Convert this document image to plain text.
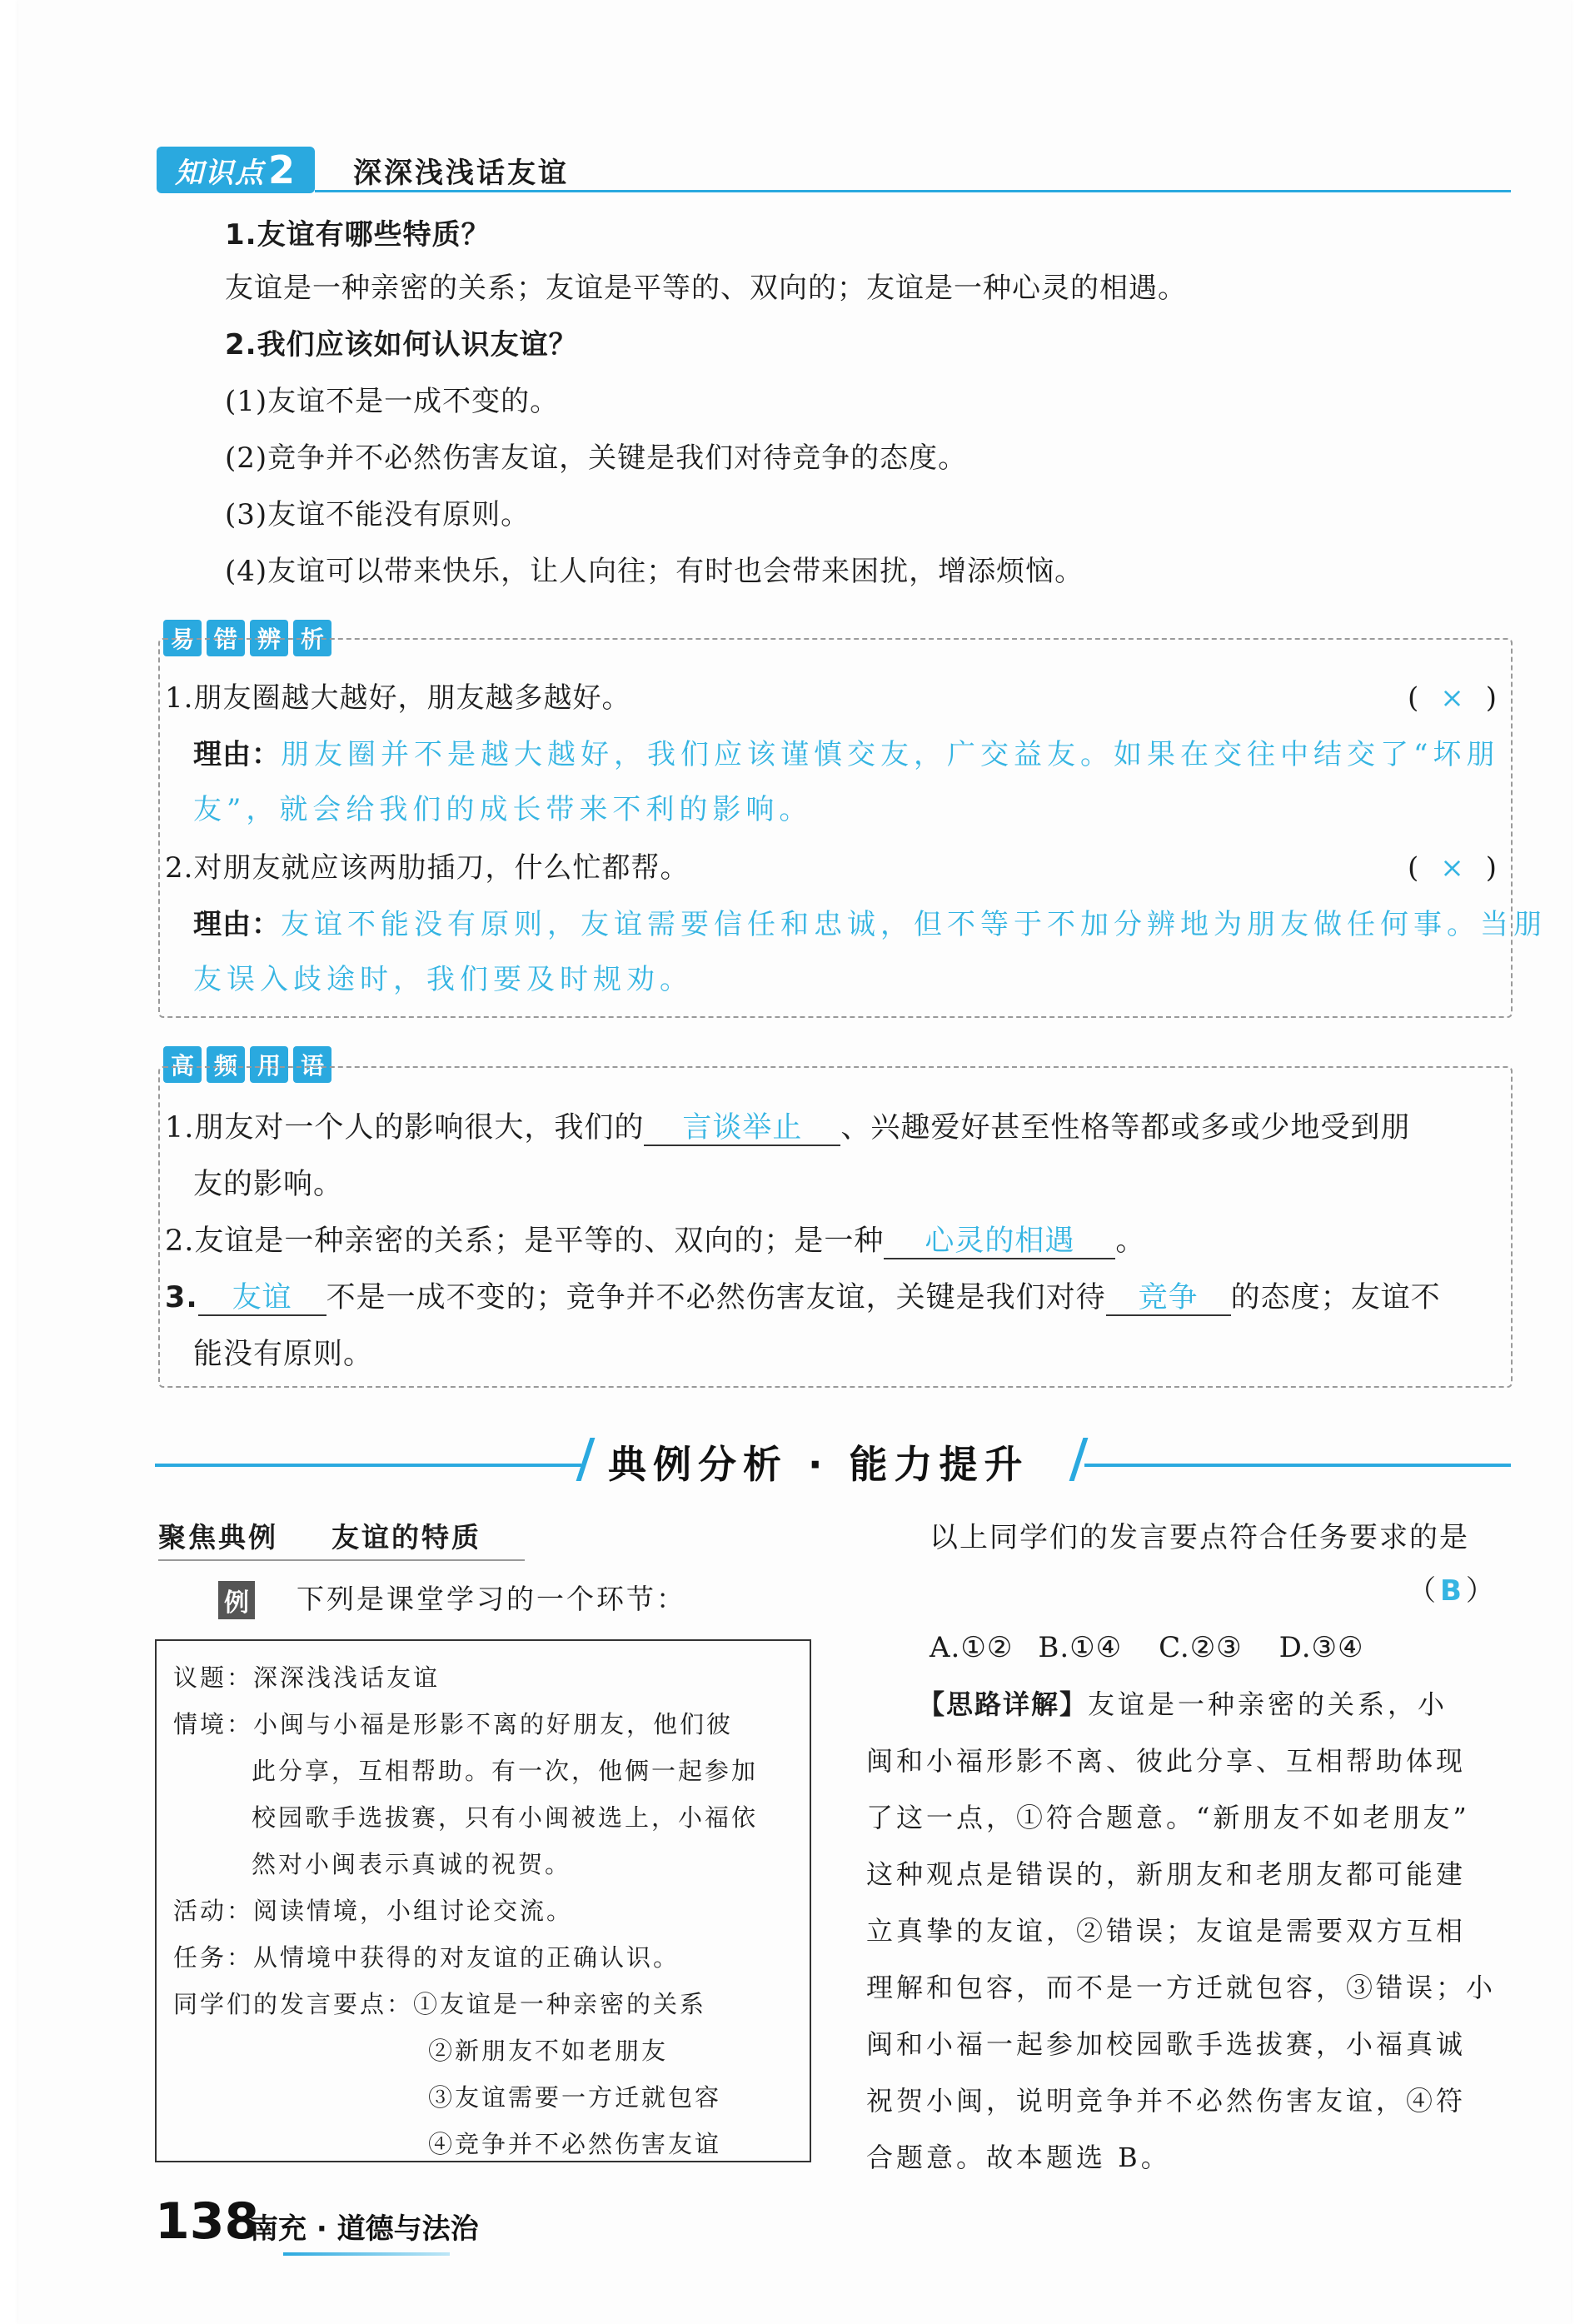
知识点 2 深深浅浅话友谊
1.友谊有哪些特质？
友谊是一种亲密的关系；友谊是平等的、双向的；友谊是一种心灵的相遇。
2.我们应该如何认识友谊？
(1)友谊不是一成不变的。
(2)竞争并不必然伤害友谊，关键是我们对待竞争的态度。
(3)友谊不能没有原则。
(4)友谊可以带来快乐，让人向往；有时也会带来困扰，增添烦恼。
易 错 辨 析
1.朋友圈越大越好，朋友越多越好。	( × )
理由：朋友圈并不是越大越好，我们应该谨慎交友，广交益友。如果在交往中结交了“坏朋
友”，就会给我们的成长带来不利的影响。
2.对朋友就应该两肋插刀，什么忙都帮。	( × )
理由：友谊不能没有原则，友谊需要信任和忠诚，但不等于不加分辨地为朋友做任何事。当朋
友误入歧途时，我们要及时规劝。
高 频 用 语
1.朋友对一个人的影响很大，我们的 言谈举止 、兴趣爱好甚至性格等都或多或少地受到朋
友的影响。
2.友谊是一种亲密的关系；是平等的、双向的；是一种 心灵的相遇 。
3. 友谊 不是一成不变的；竞争并不必然伤害友谊，关键是我们对待 竞争 的态度；友谊不
能没有原则。
典例分析 · 能力提升
聚焦典例 友谊的特质
例 下列是课堂学习的一个环节：
议题：深深浅浅话友谊
情境：小闽与小福是形影不离的好朋友，他们彼
此分享，互相帮助。有一次，他俩一起参加
校园歌手选拔赛，只有小闽被选上，小福依
然对小闽表示真诚的祝贺。
活动：阅读情境，小组讨论交流。
任务：从情境中获得的对友谊的正确认识。
同学们的发言要点：①友谊是一种亲密的关系
②新朋友不如老朋友
③友谊需要一方迁就包容
④竞争并不必然伤害友谊
以上同学们的发言要点符合任务要求的是
（ B ）
A.①② B.①④ C.②③ D.③④
【思路详解】友谊是一种亲密的关系，小
闽和小福形影不离、彼此分享、互相帮助体现
了这一点，①符合题意。“新朋友不如老朋友”
这种观点是错误的，新朋友和老朋友都可能建
立真挚的友谊，②错误；友谊是需要双方互相
理解和包容，而不是一方迁就包容，③错误；小
闽和小福一起参加校园歌手选拔赛，小福真诚
祝贺小闽，说明竞争并不必然伤害友谊，④符
合题意。故本题选 B。
138
南充 · 道德与法治
